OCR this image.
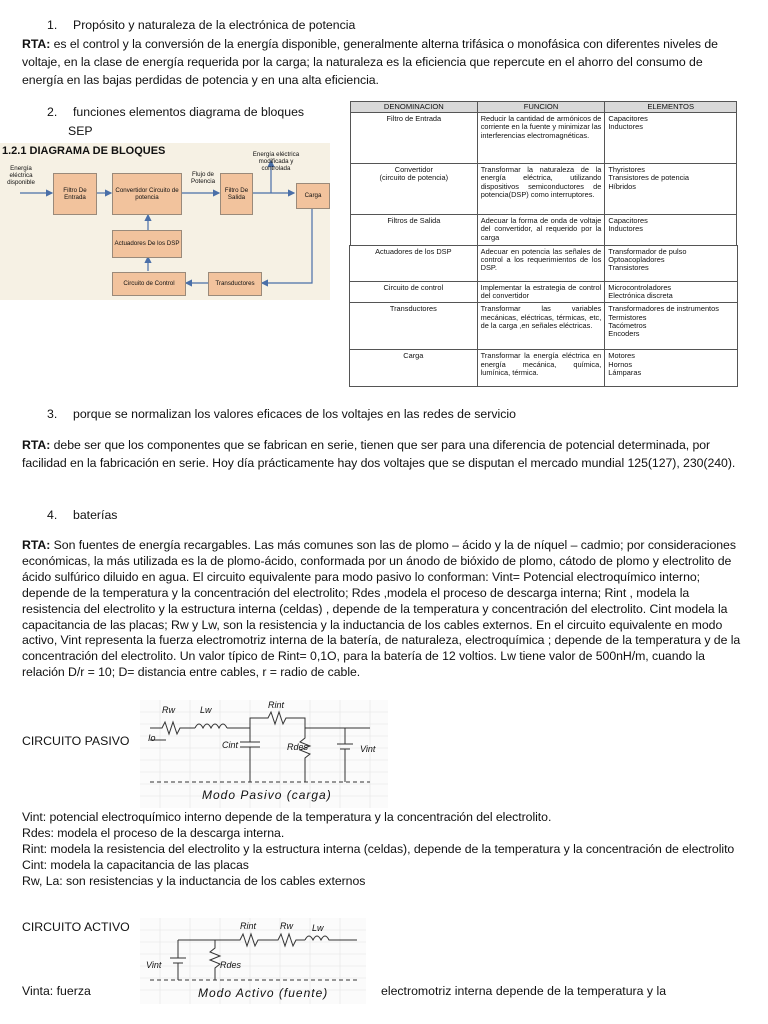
1. Propósito y naturaleza de la electrónica de potencia
RTA: es el control y la conversión de la energía disponible, generalmente alterna trifásica o monofásica con diferentes niveles de voltaje, en la clase de energía requerida por la carga; la naturaleza es la eficiencia que repercute en el ahorro del consumo de energía en las bajas perdidas de potencia y en una alta eficiencia.
2. funciones elementos diagrama de bloques
SEP
1.2.1 DIAGRAMA DE BLOQUES
Energía eléctrica disponible
Filtro De Entrada
Convertidor Circuito de potencia
Flujo de Potencia
Filtro De Salida	Carga
Energía eléctrica modificada y controlada
Actuadores De los DSP
Circuito de Control	Transductores
DENOMINACION	FUNCION	ELEMENTOS
Filtro de Entrada	Reducir la cantidad de armónicos de corriente en la fuente y minimizar las interferencias electromagnéticas.	Capacitores
Inductores
Convertidor
(circuito de potencia)	Transformar la naturaleza de la energía eléctrica, utilizando dispositivos semiconductores de potencia(DSP) como interruptores.	Thyristores
Transistores de potencia
Híbridos
Filtros de Salida	Adecuar la forma de onda de voltaje del convertidor, al requerido por la carga	Capacitores
Inductores
Actuadores de los DSP	Adecuar en potencia las señales de control a los requerimientos de los DSP.	Transformador de pulso
Optoacopladores
Transistores
Circuito de control	Implementar la estrategia de control del convertidor	Microcontroladores
Electrónica discreta
Transductores	Transformar las variables mecánicas, eléctricas, térmicas, etc, de la carga ,en señales eléctricas.	Transformadores de instrumentos
Termistores
Tacómetros
Encoders
Carga	Transformar la energía eléctrica en energía mecánica, química, lumínica, térmica.	Motores
Hornos
Lámparas
3. porque se normalizan los valores eficaces de los voltajes en las redes de servicio
RTA: debe ser que los componentes que se fabrican en serie, tienen que ser para una diferencia de potencial determinada, por facilidad en la fabricación en serie. Hoy día prácticamente hay dos voltajes que se disputan el mercado mundial 125(127), 230(240).
4. baterías
RTA: Son fuentes de energía recargables. Las más comunes son las de plomo – ácido y la de níquel – cadmio; por consideraciones económicas, la más utilizada es la de plomo-ácido, conformada por un ánodo de bióxido de plomo, cátodo de plomo y electrolito de ácido sulfúrico diluido en agua. El circuito equivalente para modo pasivo lo conforman: Vint= Potencial electroquímico interno; depende de la temperatura y la concentración del electrolito; Rdes ,modela el proceso de descarga interna; Rint , modela la resistencia del electrolito y la estructura interna (celdas) , depende de la temperatura y concentración del electrolito. Cint modela la capacitancia de las placas; Rw y Lw, son la resistencia y la inductancia de los cables externos. En el circuito equivalente en modo activo, Vint representa la fuerza electromotriz interna de la batería, de naturaleza, electroquímica ; depende de la temperatura y de la concentración del electrolito. Un valor típico de Rint= 0,1O, para la batería de 12 voltios. Lw tiene valor de 500nH/m, cuando la relación D/r = 10; D= distancia entre cables, r = radio de cable.
CIRCUITO PASIVO
Rw	Lw	Rint
Io
Cint	Rdes	Vint
Modo Pasivo (carga)
Vint: potencial electroquímico interno depende de la temperatura y la concentración del electrolito.
Rdes: modela el proceso de la descarga interna.
Rint: modela la resistencia del electrolito y la estructura interna (celdas), depende de la temperatura y la concentración de electrolito
Cint: modela la capacitancia de las placas
Rw, La: son resistencias y la inductancia de los cables externos
CIRCUITO ACTIVO	Rint	Rw Lw
Vint	Rdes
Modo Activo (fuente)
Vinta: fuerza	electromotriz interna depende de la temperatura y la
